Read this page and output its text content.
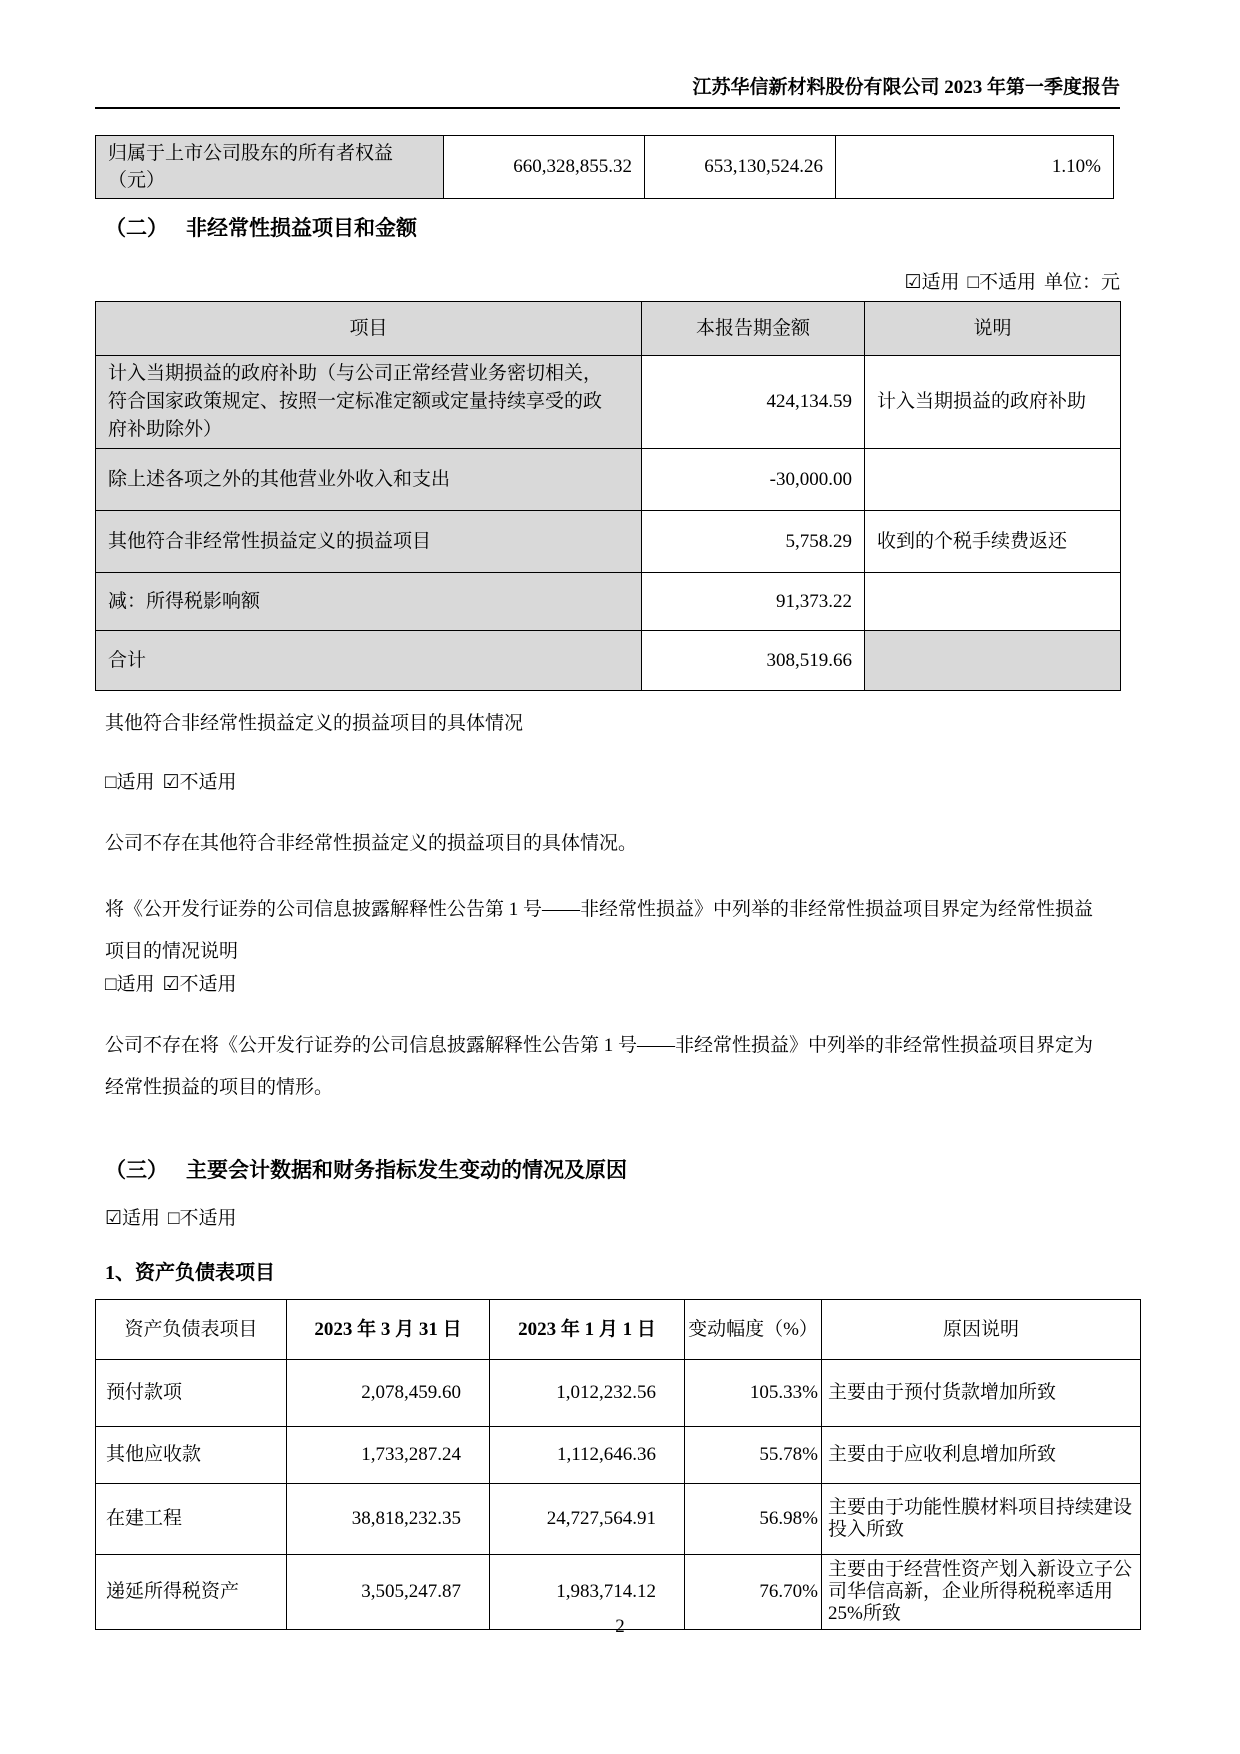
江苏华信新材料股份有限公司 2023 年第一季度报告
归属于上市公司股东的所有者权益（元）	660,328,855.32	653,130,524.26	1.10%
（二） 非经常性损益项目和金额
☑适用 □不适用 单位：元
项目	本报告期金额	说明
计入当期损益的政府补助（与公司正常经营业务密切相关，符合国家政策规定、按照一定标准定额或定量持续享受的政府补助除外）	424,134.59	计入当期损益的政府补助
除上述各项之外的其他营业外收入和支出	-30,000.00	
其他符合非经常性损益定义的损益项目	5,758.29	收到的个税手续费返还
减：所得税影响额	91,373.22	
合计	308,519.66	
其他符合非经常性损益定义的损益项目的具体情况
□适用 ☑不适用
公司不存在其他符合非经常性损益定义的损益项目的具体情况。
将《公开发行证券的公司信息披露解释性公告第 1 号——非经常性损益》中列举的非经常性损益项目界定为经常性损益项目的情况说明
□适用 ☑不适用
公司不存在将《公开发行证券的公司信息披露解释性公告第 1 号——非经常性损益》中列举的非经常性损益项目界定为经常性损益的项目的情形。
（三） 主要会计数据和财务指标发生变动的情况及原因
☑适用 □不适用
1、资产负债表项目
资产负债表项目	2023 年 3 月 31 日	2023 年 1 月 1 日	变动幅度（%）	原因说明
预付款项	2,078,459.60	1,012,232.56	105.33%	主要由于预付货款增加所致
其他应收款	1,733,287.24	1,112,646.36	55.78%	主要由于应收利息增加所致
在建工程	38,818,232.35	24,727,564.91	56.98%	主要由于功能性膜材料项目持续建设投入所致
递延所得税资产	3,505,247.87	1,983,714.12	76.70%	主要由于经营性资产划入新设立子公司华信高新，企业所得税税率适用25%所致
2
